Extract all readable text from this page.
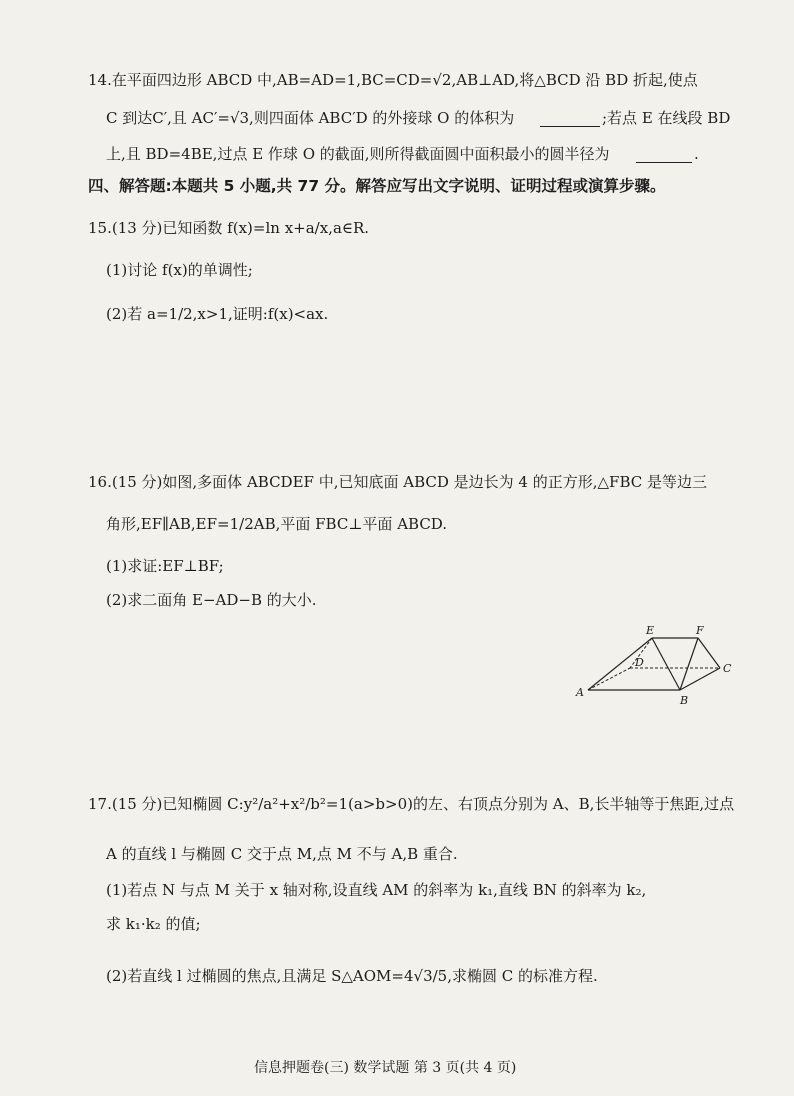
14.在平面四边形 ABCD 中,AB=AD=1,BC=CD=√2,AB⊥AD,将△BCD 沿 BD 折起,使点
C 到达C′,且 AC′=√3,则四面体 ABC′D 的外接球 O 的体积为	;若点 E 在线段 BD
上,且 BD=4BE,过点 E 作球 O 的截面,则所得截面圆中面积最小的圆半径为	.
四、解答题:本题共 5 小题,共 77 分。解答应写出文字说明、证明过程或演算步骤。
15.(13 分)已知函数 f(x)=ln x+a/x,a∈R.
(1)讨论 f(x)的单调性;
(2)若 a=1/2,x>1,证明:f(x)<ax.
16.(15 分)如图,多面体 ABCDEF 中,已知底面 ABCD 是边长为 4 的正方形,△FBC 是等边三
角形,EF∥AB,EF=1/2AB,平面 FBC⊥平面 ABCD.
(1)求证:EF⊥BF;
(2)求二面角 E−AD−B 的大小.
E	F
D	C
A
B
17.(15 分)已知椭圆 C:y²/a²+x²/b²=1(a>b>0)的左、右顶点分别为 A、B,长半轴等于焦距,过点
A 的直线 l 与椭圆 C 交于点 M,点 M 不与 A,B 重合.
(1)若点 N 与点 M 关于 x 轴对称,设直线 AM 的斜率为 k₁,直线 BN 的斜率为 k₂,
求 k₁·k₂ 的值;
(2)若直线 l 过椭圆的焦点,且满足 S△AOM=4√3/5,求椭圆 C 的标准方程.
信息押题卷(三) 数学试题 第 3 页(共 4 页)
